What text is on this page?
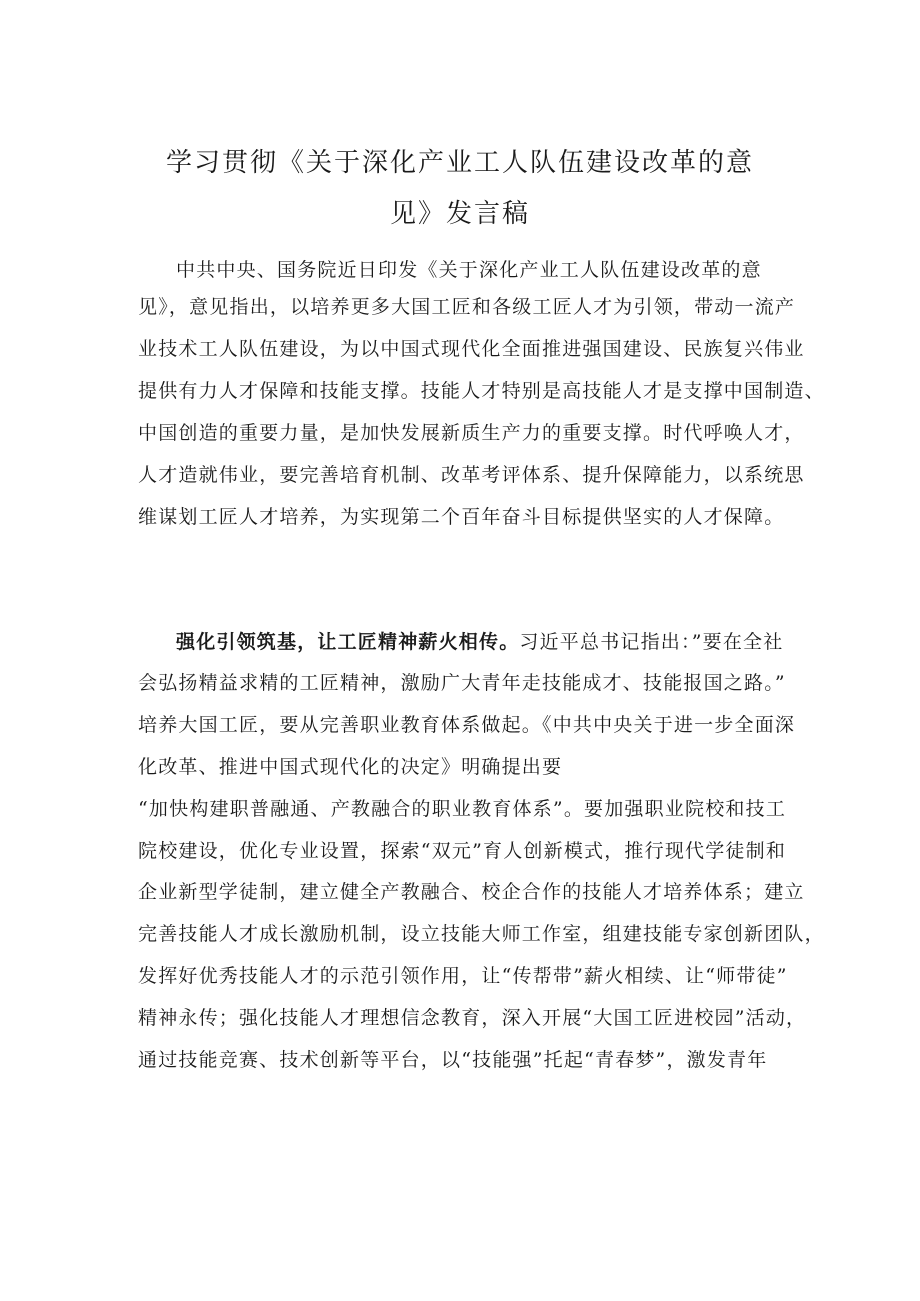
学习贯彻《关于深化产业工人队伍建设改革的意
见》发言稿
中共中央、国务院近日印发《关于深化产业工人队伍建设改革的意
见》，意见指出，以培养更多大国工匠和各级工匠人才为引领，带动一流产
业技术工人队伍建设，为以中国式现代化全面推进强国建设、民族复兴伟业
提供有力人才保障和技能支撑。技能人才特别是高技能人才是支撑中国制造、
中国创造的重要力量，是加快发展新质生产力的重要支撑。时代呼唤人才，
人才造就伟业，要完善培育机制、改革考评体系、提升保障能力，以系统思
维谋划工匠人才培养，为实现第二个百年奋斗目标提供坚实的人才保障。
强化引领筑基，让工匠精神薪火相传。习近平总书记指出：”要在全社
会弘扬精益求精的工匠精神，激励广大青年走技能成才、技能报国之路。”
培养大国工匠，要从完善职业教育体系做起。《中共中央关于进一步全面深
化改革、推进中国式现代化的决定》明确提出要
“加快构建职普融通、产教融合的职业教育体系”。要加强职业院校和技工
院校建设，优化专业设置，探索“双元”育人创新模式，推行现代学徒制和
企业新型学徒制，建立健全产教融合、校企合作的技能人才培养体系；建立
完善技能人才成长激励机制，设立技能大师工作室，组建技能专家创新团队，
发挥好优秀技能人才的示范引领作用，让“传帮带”薪火相续、让“师带徒”
精神永传；强化技能人才理想信念教育，深入开展“大国工匠进校园”活动，
通过技能竞赛、技术创新等平台，以“技能强”托起“青春梦”，激发青年
